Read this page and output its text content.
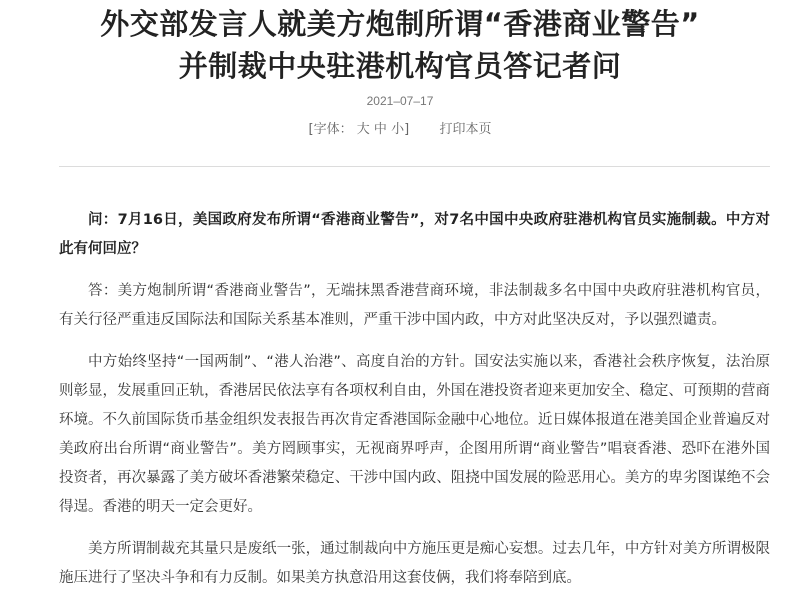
外交部发言人就美方炮制所谓“香港商业警告”
并制裁中央驻港机构官员答记者问
2021–07–17
[字体： 大 中 小] 打印本页

问：7月16日，美国政府发布所谓“香港商业警告”，对7名中国中央政府驻港机构官员实施制裁。中方对此有何回应？

答：美方炮制所谓“香港商业警告”，无端抹黑香港营商环境，非法制裁多名中国中央政府驻港机构官员，有关行径严重违反国际法和国际关系基本准则，严重干涉中国内政，中方对此坚决反对，予以强烈谴责。

中方始终坚持“一国两制”、“港人治港”、高度自治的方针。国安法实施以来，香港社会秩序恢复，法治原则彰显，发展重回正轨，香港居民依法享有各项权利自由，外国在港投资者迎来更加安全、稳定、可预期的营商环境。不久前国际货币基金组织发表报告再次肯定香港国际金融中心地位。近日媒体报道在港美国企业普遍反对美政府出台所谓“商业警告”。美方罔顾事实，无视商界呼声，企图用所谓“商业警告”唱衰香港、恐吓在港外国投资者，再次暴露了美方破坏香港繁荣稳定、干涉中国内政、阻挠中国发展的险恶用心。美方的卑劣图谋绝不会得逞。香港的明天一定会更好。

美方所谓制裁充其量只是废纸一张，通过制裁向中方施压更是痴心妄想。过去几年，中方针对美方所谓极限施压进行了坚决斗争和有力反制。如果美方执意沿用这套伎俩，我们将奉陪到底。
